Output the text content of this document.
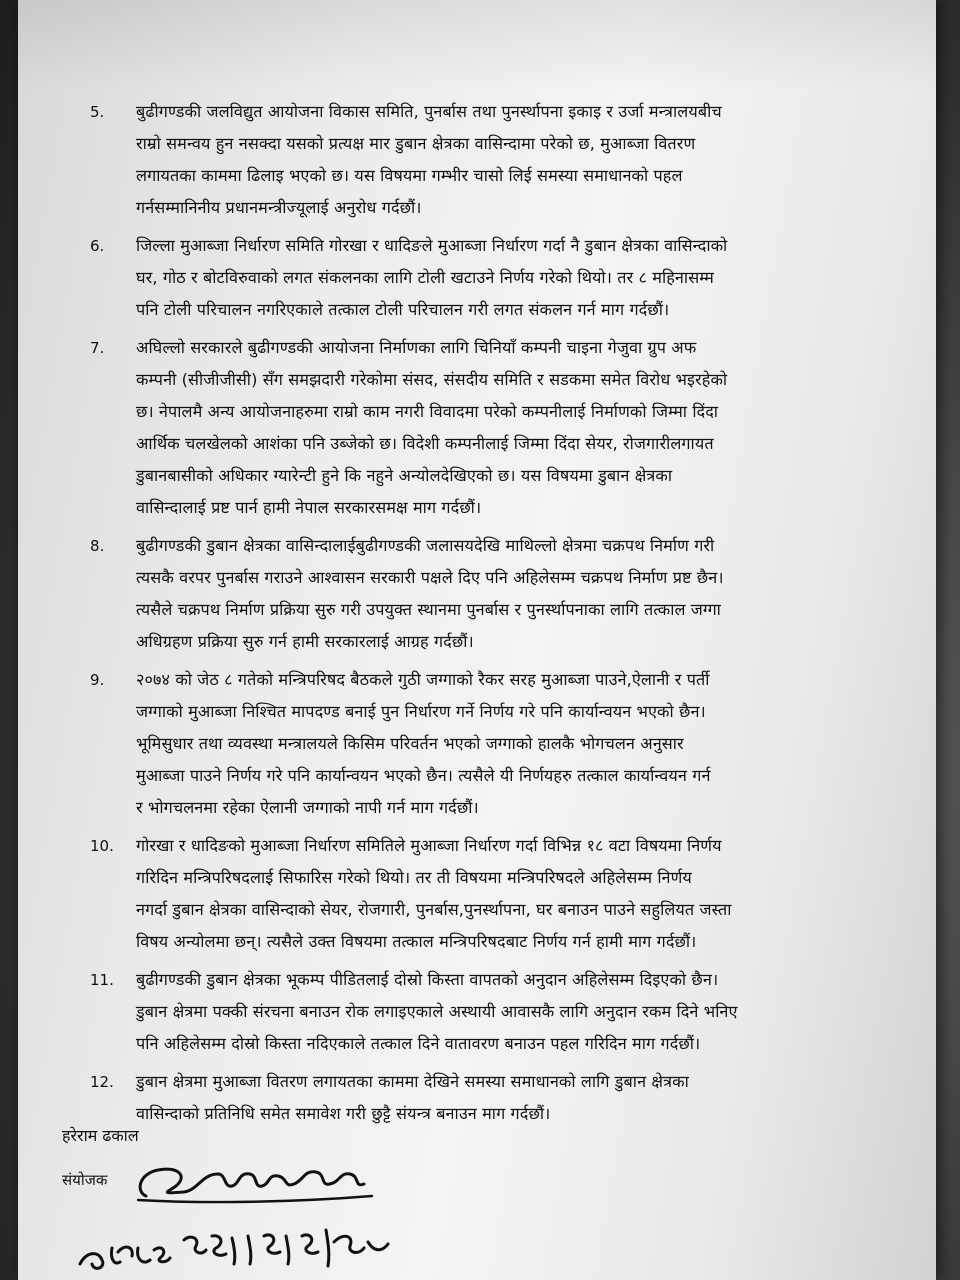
5. बुढीगण्डकी जलविद्युत आयोजना विकास समिति, पुनर्बास तथा पुनर्स्थापना इकाइ र उर्जा मन्त्रालयबीच
राम्रो समन्वय हुन नसक्दा यसको प्रत्यक्ष मार डुबान क्षेत्रका वासिन्दामा परेको छ, मुआब्जा वितरण
लगायतका काममा ढिलाइ भएको छ। यस विषयमा गम्भीर चासो लिई समस्या समाधानको पहल
गर्नसम्मानिनीय प्रधानमन्त्रीज्यूलाई अनुरोध गर्दछौं।
6. जिल्ला मुआब्जा निर्धारण समिति गोरखा र धादिङले मुआब्जा निर्धारण गर्दा नै डुबान क्षेत्रका वासिन्दाको
घर, गोठ र बोटविरुवाको लगत संकलनका लागि टोली खटाउने निर्णय गरेको थियो। तर ८ महिनासम्म
पनि टोली परिचालन नगरिएकाले तत्काल टोली परिचालन गरी लगत संकलन गर्न माग गर्दछौं।
7. अघिल्लो सरकारले बुढीगण्डकी आयोजना निर्माणका लागि चिनियाँ कम्पनी चाइना गेजुवा ग्रुप अफ
कम्पनी (सीजीजीसी) सँग समझदारी गरेकोमा संसद, संसदीय समिति र सडकमा समेत विरोध भइरहेको
छ। नेपालमै अन्य आयोजनाहरुमा राम्रो काम नगरी विवादमा परेको कम्पनीलाई निर्माणको जिम्मा दिंदा
आर्थिक चलखेलको आशंका पनि उब्जेको छ। विदेशी कम्पनीलाई जिम्मा दिंदा सेयर, रोजगारीलगायत
डुबानबासीको अधिकार ग्यारेन्टी हुने कि नहुने अन्योलदेखिएको छ। यस विषयमा डुबान क्षेत्रका
वासिन्दालाई प्रष्ट पार्न हामी नेपाल सरकारसमक्ष माग गर्दछौं।
8. बुढीगण्डकी डुबान क्षेत्रका वासिन्दालाईबुढीगण्डकी जलासयदेखि माथिल्लो क्षेत्रमा चक्रपथ निर्माण गरी
त्यसकै वरपर पुनर्बास गराउने आश्वासन सरकारी पक्षले दिए पनि अहिलेसम्म चक्रपथ निर्माण प्रष्ट छैन।
त्यसैले चक्रपथ निर्माण प्रक्रिया सुरु गरी उपयुक्त स्थानमा पुनर्बास र पुनर्स्थापनाका लागि तत्काल जग्गा
अधिग्रहण प्रक्रिया सुरु गर्न हामी सरकारलाई आग्रह गर्दछौं।
9. २०७४ को जेठ ८ गतेको मन्त्रिपरिषद बैठकले गुठी जग्गाको रैकर सरह मुआब्जा पाउने,ऐलानी र पर्ती
जग्गाको मुआब्जा निश्चित मापदण्ड बनाई पुन निर्धारण गर्ने निर्णय गरे पनि कार्यान्वयन भएको छैन।
भूमिसुधार तथा व्यवस्था मन्त्रालयले किसिम परिवर्तन भएको जग्गाको हालकै भोगचलन अनुसार
मुआब्जा पाउने निर्णय गरे पनि कार्यान्वयन भएको छैन। त्यसैले यी निर्णयहरु तत्काल कार्यान्वयन गर्न
र भोगचलनमा रहेका ऐलानी जग्गाको नापी गर्न माग गर्दछौं।
10. गोरखा र धादिङको मुआब्जा निर्धारण समितिले मुआब्जा निर्धारण गर्दा विभिन्न १८ वटा विषयमा निर्णय
गरिदिन मन्त्रिपरिषदलाई सिफारिस गरेको थियो। तर ती विषयमा मन्त्रिपरिषदले अहिलेसम्म निर्णय
नगर्दा डुबान क्षेत्रका वासिन्दाको सेयर, रोजगारी, पुनर्बास,पुनर्स्थापना, घर बनाउन पाउने सहुलियत जस्ता
विषय अन्योलमा छन्। त्यसैले उक्त विषयमा तत्काल मन्त्रिपरिषदबाट निर्णय गर्न हामी माग गर्दछौं।
11. बुढीगण्डकी डुबान क्षेत्रका भूकम्प पीडितलाई दोस्रो किस्ता वापतको अनुदान अहिलेसम्म दिइएको छैन।
डुबान क्षेत्रमा पक्की संरचना बनाउन रोक लगाइएकाले अस्थायी आवासकै लागि अनुदान रकम दिने भनिए
पनि अहिलेसम्म दोस्रो किस्ता नदिएकाले तत्काल दिने वातावरण बनाउन पहल गरिदिन माग गर्दछौं।
12. डुबान क्षेत्रमा मुआब्जा वितरण लगायतका काममा देखिने समस्या समाधानको लागि डुबान क्षेत्रका
वासिन्दाको प्रतिनिधि समेत समावेश गरी छुट्टै संयन्त्र बनाउन माग गर्दछौं।
हरेराम ढकाल
संयोजक
